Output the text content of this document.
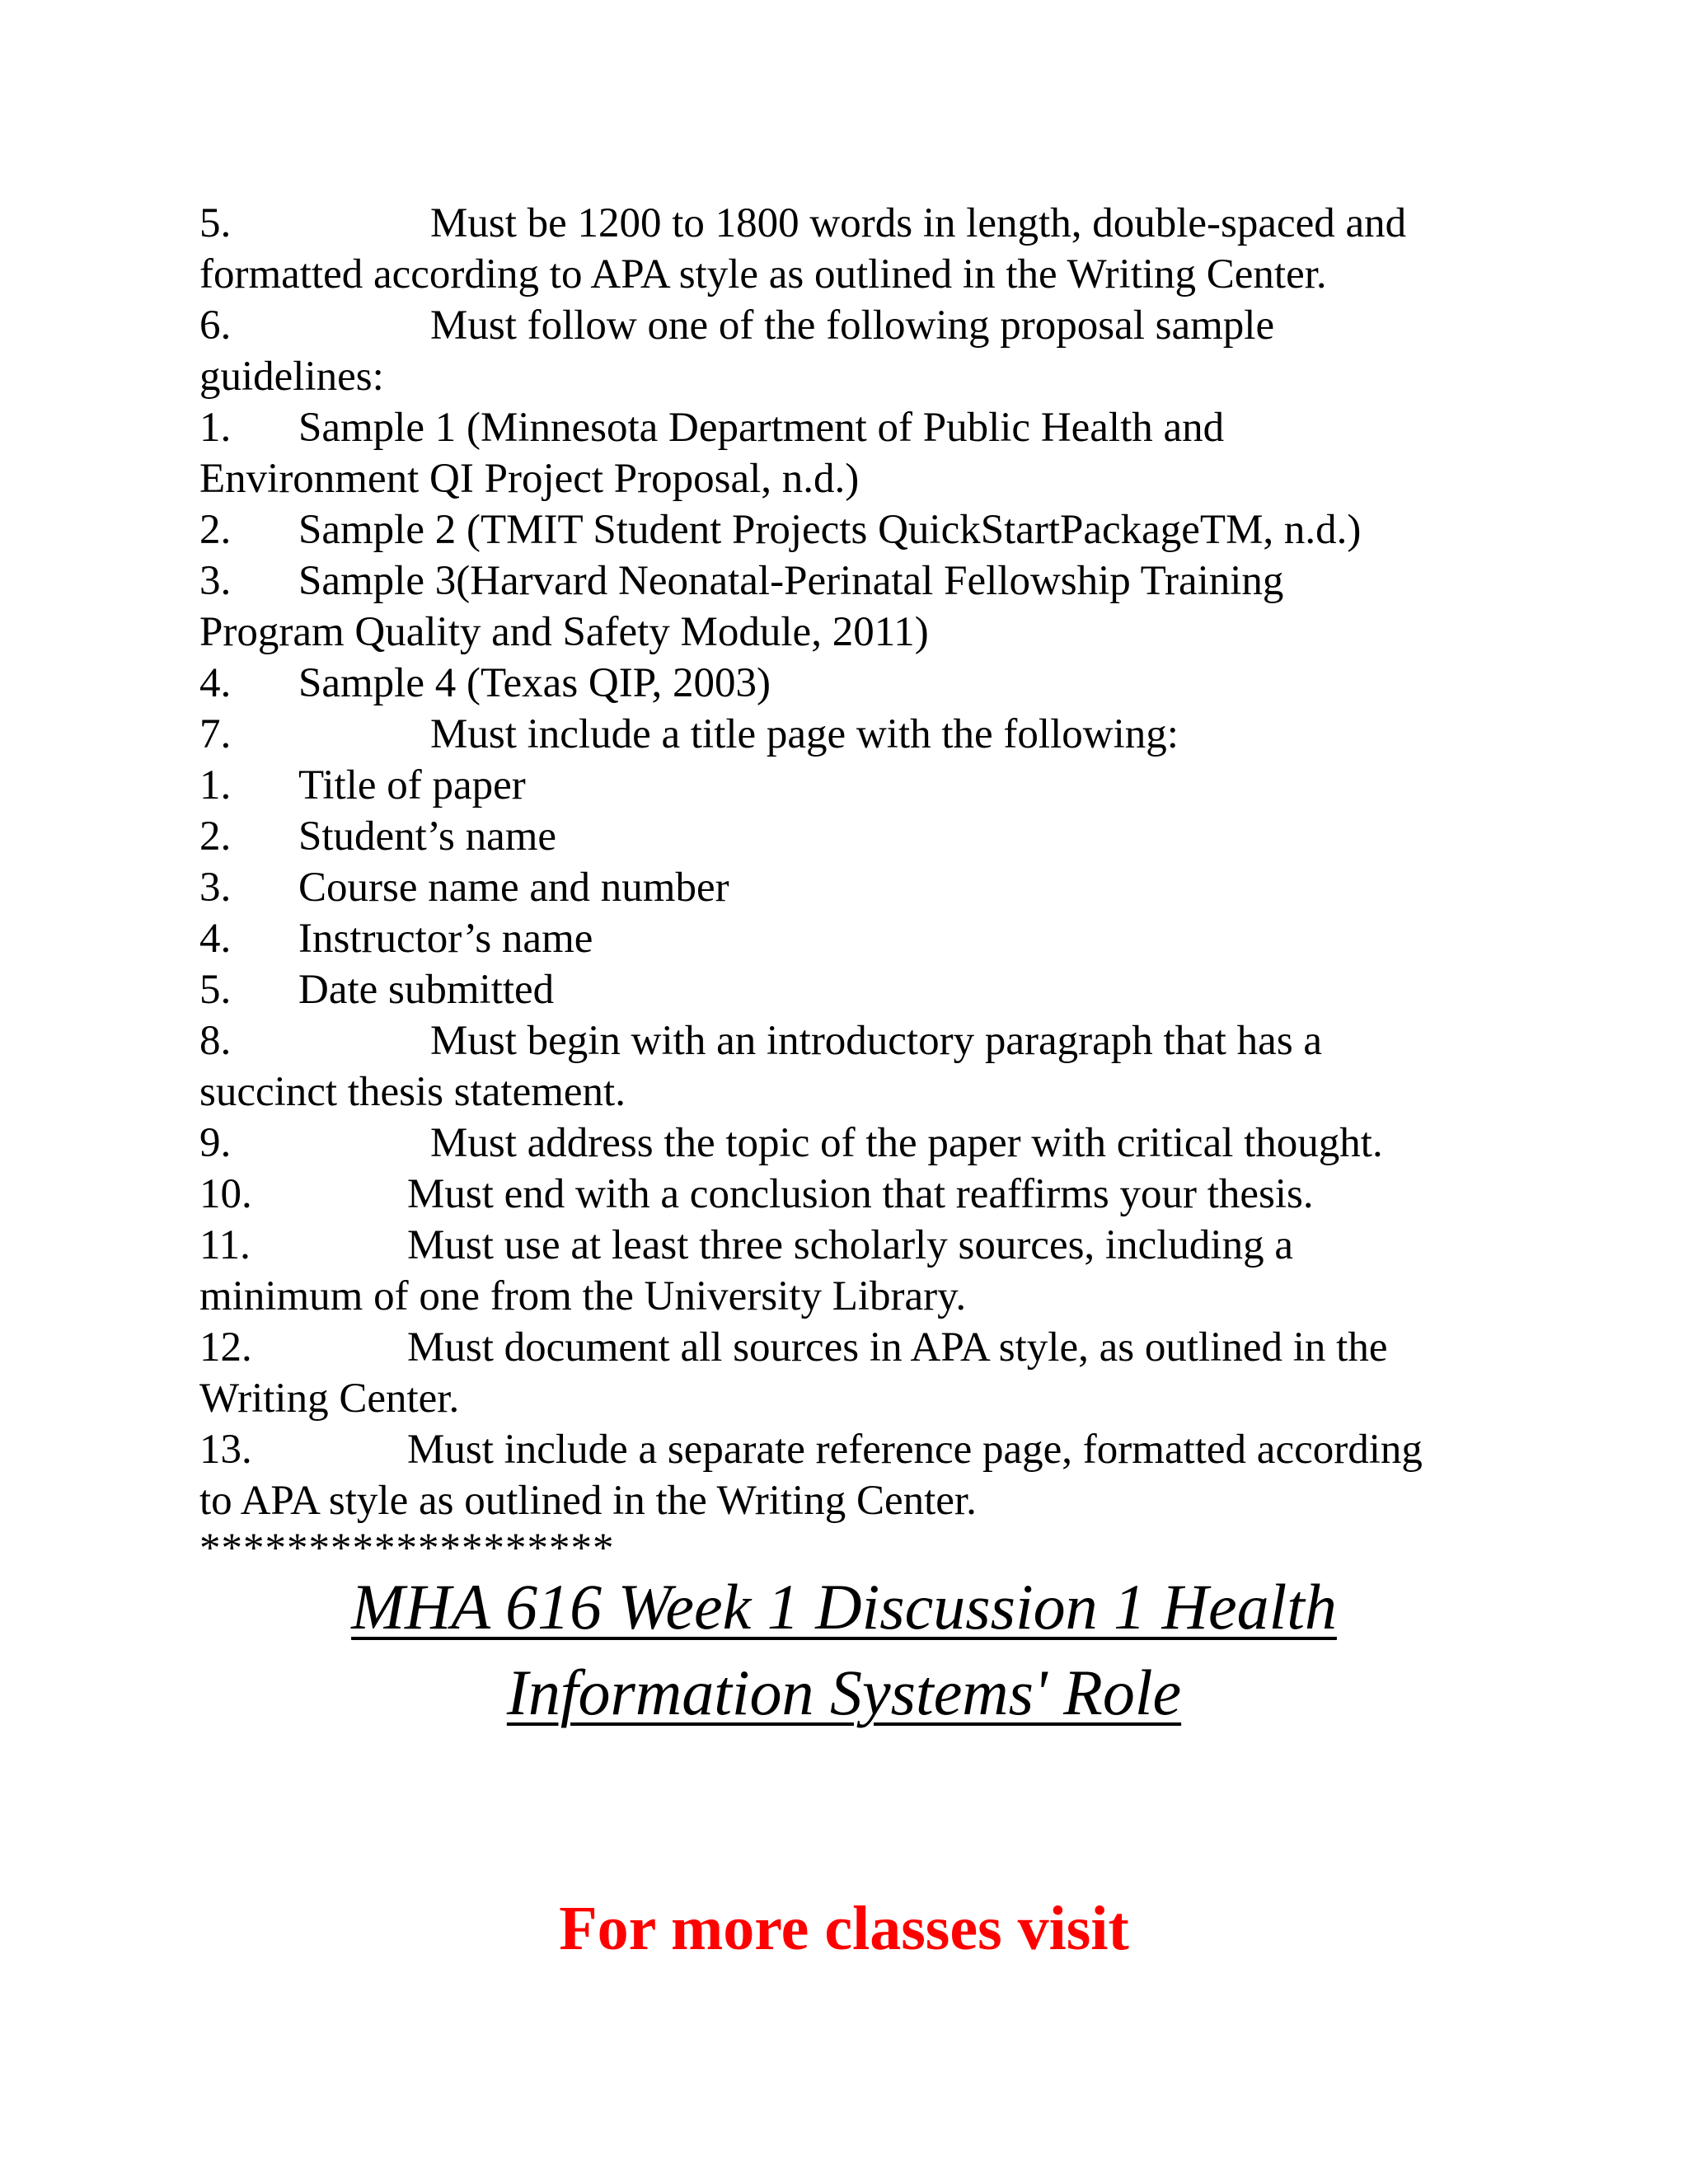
5.	Must be 1200 to 1800 words in length, double-spaced and
formatted according to APA style as outlined in the Writing Center.
6.	Must follow one of the following proposal sample
guidelines:
1. Sample 1 (Minnesota Department of Public Health and
Environment QI Project Proposal, n.d.)
2. Sample 2 (TMIT Student Projects QuickStartPackageTM, n.d.)
3. Sample 3(Harvard Neonatal-Perinatal Fellowship Training
Program Quality and Safety Module, 2011)
4. Sample 4 (Texas QIP, 2003)
7.	Must include a title page with the following:
1. Title of paper
2. Student’s name
3. Course name and number
4. Instructor’s name
5. Date submitted
8.	Must begin with an introductory paragraph that has a
succinct thesis statement.
9.	Must address the topic of the paper with critical thought.
10.	Must end with a conclusion that reaffirms your thesis.
11.	Must use at least three scholarly sources, including a
minimum of one from the University Library.
12.	Must document all sources in APA style, as outlined in the
Writing Center.
13.	Must include a separate reference page, formatted according
to APA style as outlined in the Writing Center.
*******************
MHA 616 Week 1 Discussion 1 Health
Information Systems' Role
For more classes visit
